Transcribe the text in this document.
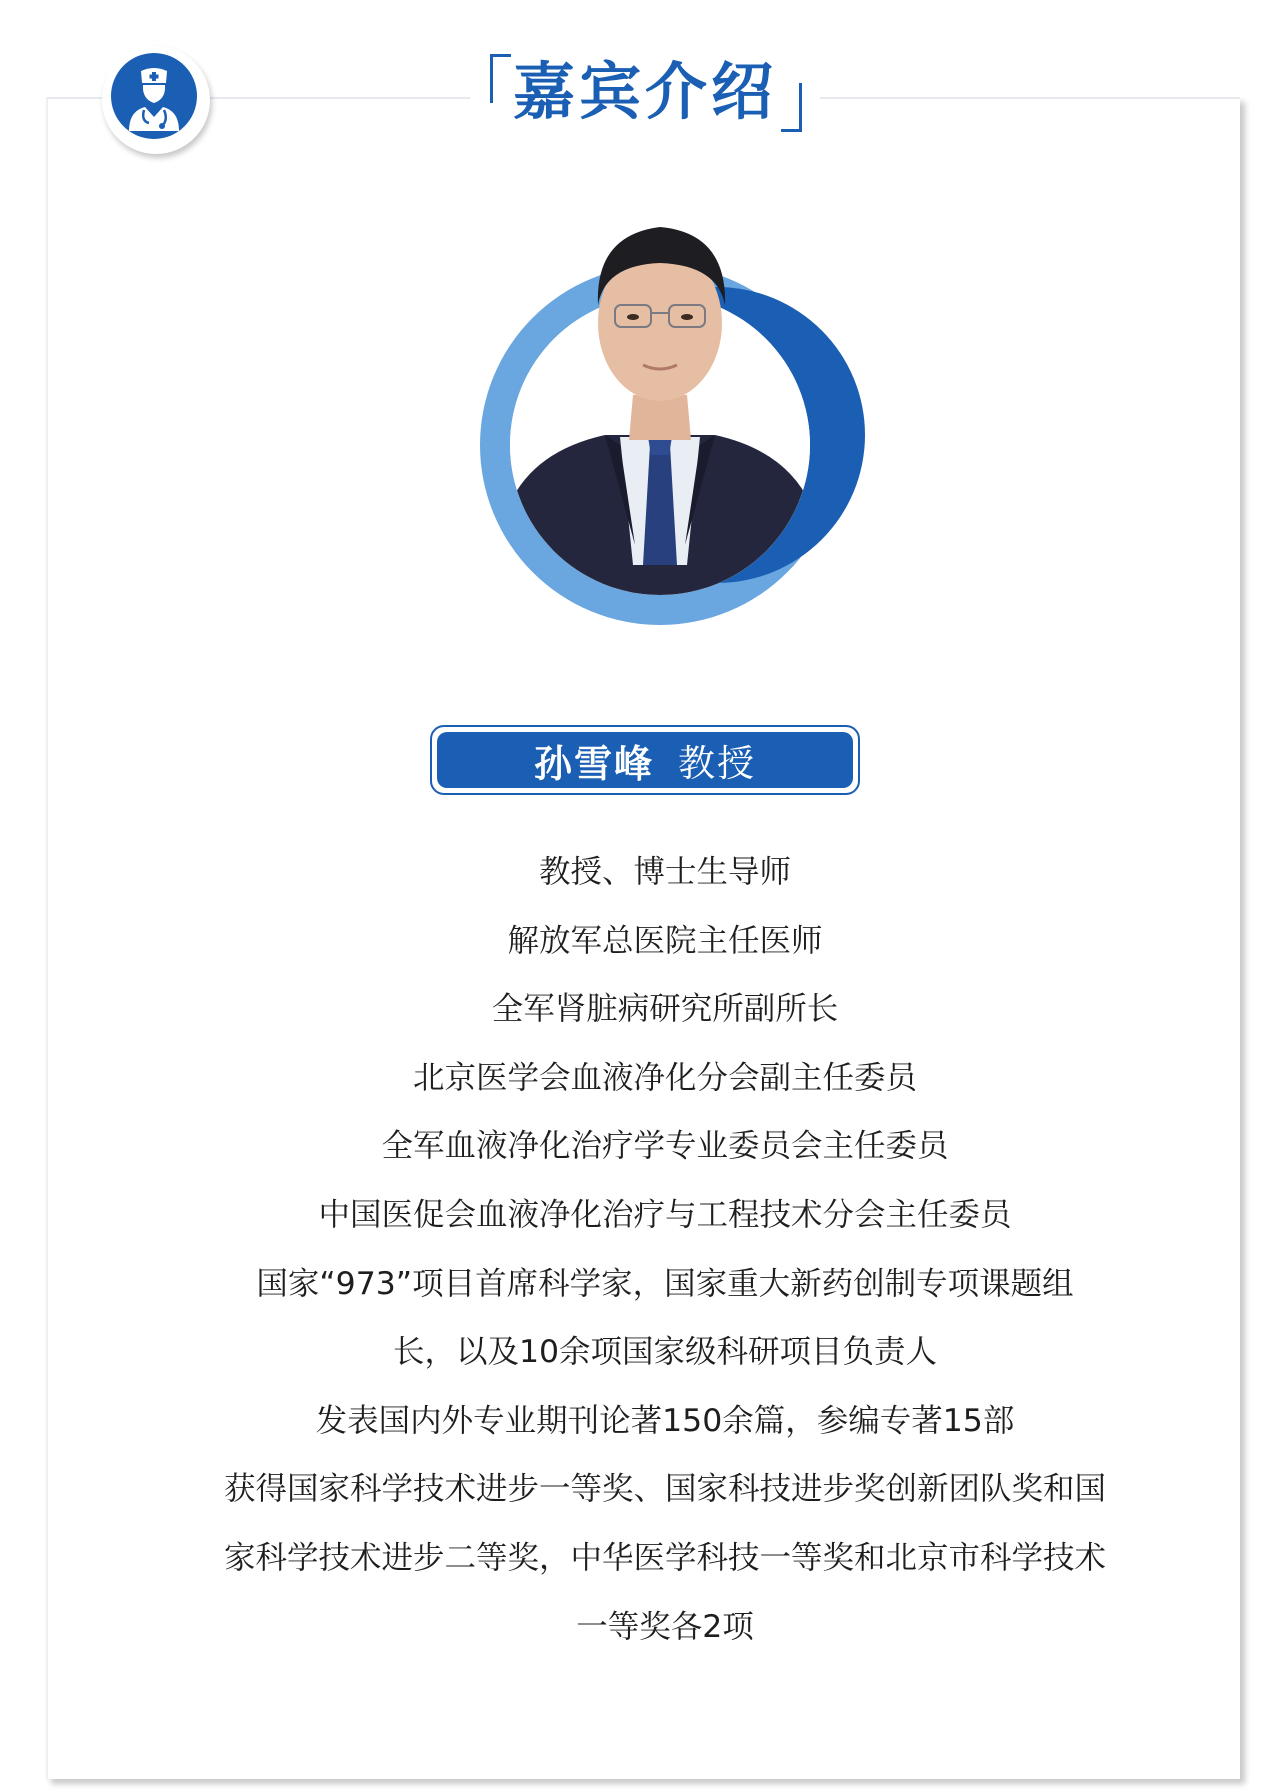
嘉宾介绍
孙雪峰 教授
教授、博士生导师
解放军总医院主任医师
全军肾脏病研究所副所长
北京医学会血液净化分会副主任委员
全军血液净化治疗学专业委员会主任委员
中国医促会血液净化治疗与工程技术分会主任委员
国家“973”项目首席科学家，国家重大新药创制专项课题组
长，以及10余项国家级科研项目负责人
发表国内外专业期刊论著150余篇，参编专著15部
获得国家科学技术进步一等奖、国家科技进步奖创新团队奖和国
家科学技术进步二等奖，中华医学科技一等奖和北京市科学技术
一等奖各2项
